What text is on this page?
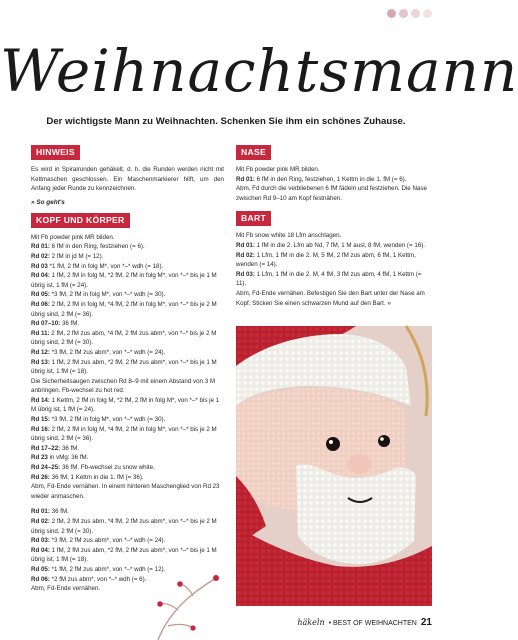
Weihnachtsmann
Der wichtigste Mann zu Weihnachten. Schenken Sie ihm ein schönes Zuhause.
HINWEIS
Es wird in Spiralrunden gehäkelt, d. h. die Runden werden nicht mit Kettmaschen geschlossen. Ein Maschenmarkierer hilft, um den Anfang jeder Runde zu kennzeichnen.
» So geht's
KOPF UND KÖRPER
Mit Fb powder pink MR bilden.
Rd 01: 6 fM in den Ring, festziehen (= 6).
Rd 02: 2 fM in jd M (= 12).
Rd 03 *1 fM, 2 fM in folg M*, von *–* wdh (= 18).
Rd 04: 1 fM, 2 fM in folg M, *2 fM, 2 fM in folg M*, von *–* bis je 1 M übrig ist, 1 fM (= 24).
Rd 05: *3 fM, 2 fM in folg M*, von *–* wdh (= 30).
Rd 06: 2 fM, 2 fM in folg M, *4 fM, 2 fM in folg M*, von *–* bis je 2 M übrig sind, 2 fM (= 36).
Rd 07–10: 36 fM.
Rd 11: 2 fM, 2 fM zus abm, *4 fM, 2 fM zus abm*, von *–* bis je 2 M übrig sind, 2 fM (= 30).
Rd 12: *3 fM, 2 fM zus abm*, von *–* wdh (= 24).
Rd 13: 1 fM, 2 fM zus abm, *2 fM, 2 fM zus abm*, von *–* bis je 1 M übrig ist, 1 fM (= 18).
Die Sicherheitsaugen zwischen Rd 8–9 mit einem Abstand von 3 M anbringen. Fb-wechsel zu hot red.
Rd 14: 1 Kettm, 2 fM in folg M, *2 fM, 2 fM in folg M*, von *–* bis je 1 M übrig ist, 1 fM (= 24).
Rd 15: *3 fM, 2 fM in folg M*, von *–* wdh (= 30).
Rd 16: 2 fM, 2 fM in folg M, *4 fM, 2 fM in folg M*, von *–* bis je 2 M übrig sind, 2 fM (= 36).
Rd 17–22: 36 fM.
Rd 23 in vMg: 36 fM.
Rd 24–25: 36 fM. Fb-wechsel zu snow white.
Rd 26: 36 fM, 1 Kettm in die 1. fM (= 36).
Abm, Fd-Ende vernähen. In einem hinteren Maschenglied von Rd 23 wieder anmaschen.
Rd 01: 36 fM.
Rd 02: 2 fM, 2 fM zus abm, *4 fM, 2 fM zus abm*, von *–* bis je 2 M übrig sind, 2 fM (= 30).
Rd 03: *3 fM, 2 fM zus abm*, von *–* wdh (= 24).
Rd 04: 1 fM, 2 fM zus abm, *2 fM, 2 fM zus abm*, von *–* bis je 1 M übrig ist, 1 fM (= 18).
Rd 05: *1 fM, 2 fM zus abm*, von *–* wdh (= 12).
Rd 06: *2 fM zus abm*, von *–* wdh (= 6).
Abm, Fd-Ende vernähen.
NASE
Mit Fb powder pink MR bilden.
Rd 01: 6 fM in den Ring, festziehen, 1 Kettm in die 1. fM (= 6).
Abm, Fd durch die verbliebenen 6 fM fädeln und festziehen. Die Nase zwischen Rd 9–10 am Kopf festnähen.
BART
Mit Fb snow white 18 Lfm anschlagen.
Rd 01: 1 fM in die 2. Lfm ab Nd, 7 fM, 1 M ausl, 8 fM, wenden (= 16).
Rd 02: 1 Lfm, 1 fM in die 2. M, 5 fM, 2 fM zus abm, 6 fM, 1 Kettm, wenden (= 14).
Rd 03: 1 Lfm, 1 fM in die 2. M, 4 fM, 3 fM zus abm, 4 fM, 1 Kettm (= 11).
Abm, Fd-Ende vernähen. Befestigen Sie den Bart unter der Nase am Kopf. Sticken Sie einen schwarzen Mund auf den Bart. »
häkeln • BEST OF WEIHNACHTEN 21
